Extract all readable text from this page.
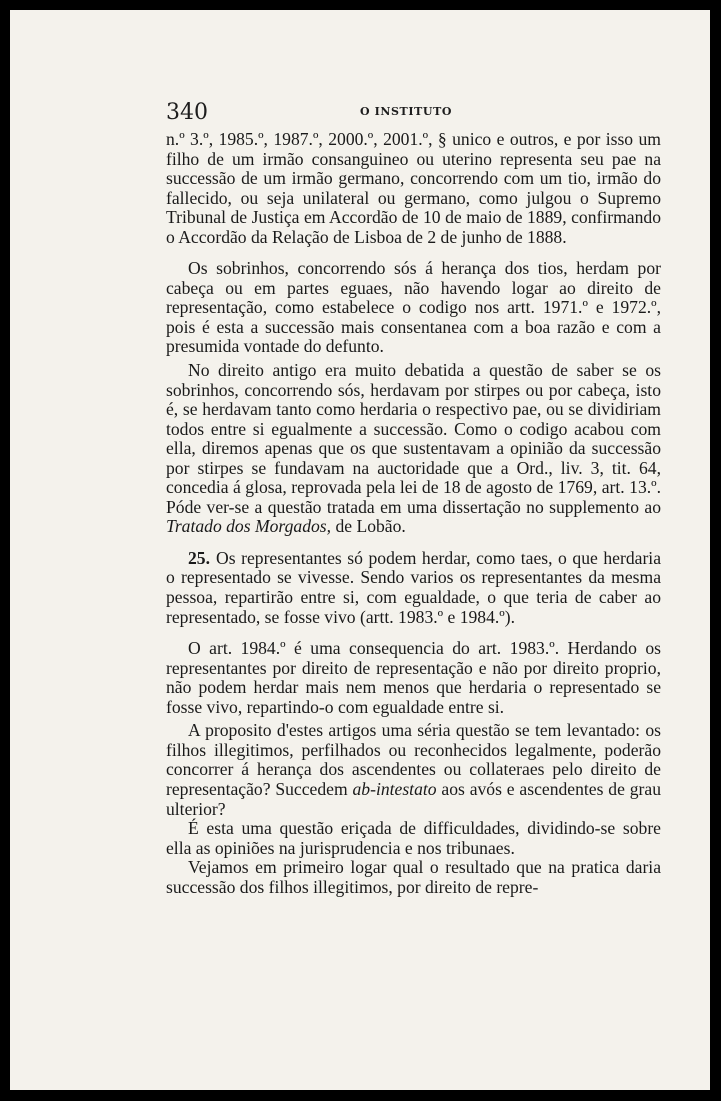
340	O INSTITUTO

n.º 3.º, 1985.º, 1987.º, 2000.º, 2001.º, § unico e outros, e por isso um filho de um irmão consanguineo ou uterino representa seu pae na successão de um irmão germano, concorrendo com um tio, irmão do fallecido, ou seja unilateral ou germano, como julgou o Supremo Tribunal de Justiça em Accordão de 10 de maio de 1889, confirmando o Accordão da Relação de Lisboa de 2 de junho de 1888.

Os sobrinhos, concorrendo sós á herança dos tios, herdam por cabeça ou em partes eguaes, não havendo logar ao direito de representação, como estabelece o codigo nos artt. 1971.º e 1972.º, pois é esta a successão mais consentanea com a boa razão e com a presumida vontade do defunto.

No direito antigo era muito debatida a questão de saber se os sobrinhos, concorrendo sós, herdavam por stirpes ou por cabeça, isto é, se herdavam tanto como herdaria o respectivo pae, ou se dividiriam todos entre si egualmente a successão. Como o codigo acabou com ella, diremos apenas que os que sustentavam a opinião da successão por stirpes se fundavam na auctoridade que a Ord., liv. 3, tit. 64, concedia á glosa, reprovada pela lei de 18 de agosto de 1769, art. 13.º. Póde ver-se a questão tratada em uma dissertação no supplemento ao Tratado dos Morgados, de Lobão.

25. Os representantes só podem herdar, como taes, o que herdaria o representado se vivesse. Sendo varios os representantes da mesma pessoa, repartirão entre si, com egualdade, o que teria de caber ao representado, se fosse vivo (artt. 1983.º e 1984.º).

O art. 1984.º é uma consequencia do art. 1983.º. Herdando os representantes por direito de representação e não por direito proprio, não podem herdar mais nem menos que herdaria o representado se fosse vivo, repartindo-o com egualdade entre si.

A proposito d'estes artigos uma séria questão se tem levantado: os filhos illegitimos, perfilhados ou reconhecidos legalmente, poderão concorrer á herança dos ascendentes ou collateraes pelo direito de representação? Succedem ab-intestato aos avós e ascendentes de grau ulterior?

É esta uma questão eriçada de difficuldades, dividindo-se sobre ella as opiniões na jurisprudencia e nos tribunaes.

Vejamos em primeiro logar qual o resultado que na pratica daria successão dos filhos illegitimos, por direito de repre-
